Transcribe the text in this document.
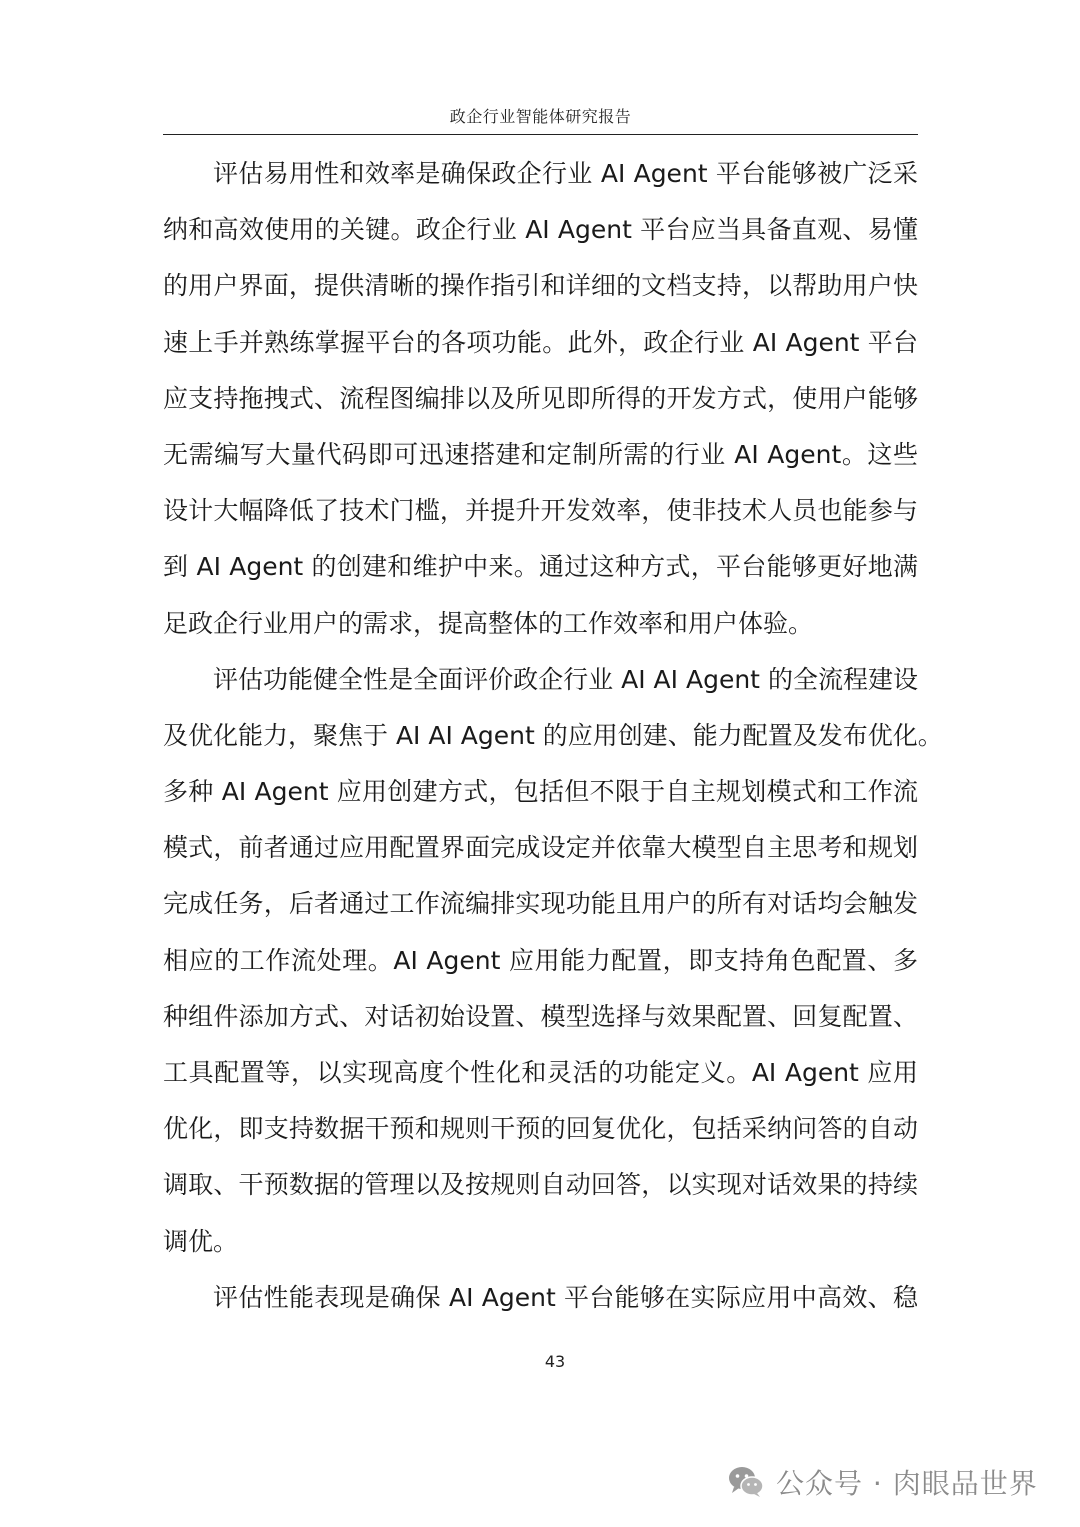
政企行业智能体研究报告
评估易用性和效率是确保政企行业 AI Agent 平台能够被广泛采
纳和高效使用的关键。政企行业 AI Agent 平台应当具备直观、易懂
的用户界面，提供清晰的操作指引和详细的文档支持，以帮助用户快
速上手并熟练掌握平台的各项功能。此外，政企行业 AI Agent 平台
应支持拖拽式、流程图编排以及所见即所得的开发方式，使用户能够
无需编写大量代码即可迅速搭建和定制所需的行业 AI Agent。这些
设计大幅降低了技术门槛，并提升开发效率，使非技术人员也能参与
到 AI Agent 的创建和维护中来。通过这种方式，平台能够更好地满
足政企行业用户的需求，提高整体的工作效率和用户体验。
评估功能健全性是全面评价政企行业 AI AI Agent 的全流程建设
及优化能力，聚焦于 AI AI Agent 的应用创建、能力配置及发布优化。
多种 AI Agent 应用创建方式，包括但不限于自主规划模式和工作流
模式，前者通过应用配置界面完成设定并依靠大模型自主思考和规划
完成任务，后者通过工作流编排实现功能且用户的所有对话均会触发
相应的工作流处理。AI Agent 应用能力配置，即支持角色配置、多
种组件添加方式、对话初始设置、模型选择与效果配置、回复配置、
工具配置等，以实现高度个性化和灵活的功能定义。AI Agent 应用
优化，即支持数据干预和规则干预的回复优化，包括采纳问答的自动
调取、干预数据的管理以及按规则自动回答，以实现对话效果的持续
调优。
评估性能表现是确保 AI Agent 平台能够在实际应用中高效、稳
43
公众号 · 肉眼品世界
